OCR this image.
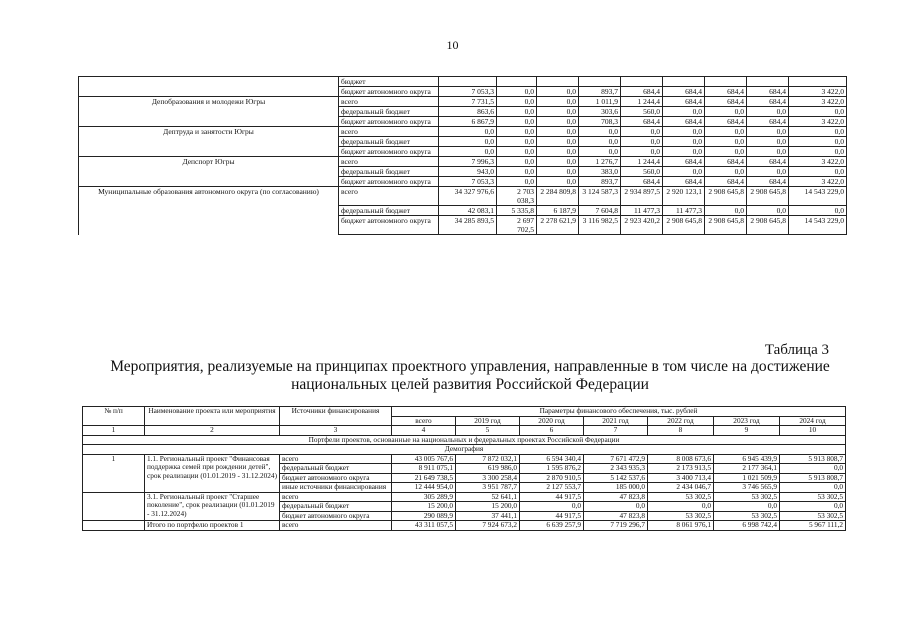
10
	бюджет									
	бюджет автономного округа	7 053,3	0,0	0,0	893,7	684,4	684,4	684,4	684,4	3 422,0
Депобразования и молодежи Югры	всего	7 731,5	0,0	0,0	1 011,9	1 244,4	684,4	684,4	684,4	3 422,0
	федеральный бюджет	863,6	0,0	0,0	303,6	560,0	0,0	0,0	0,0	0,0
	бюджет автономного округа	6 867,9	0,0	0,0	708,3	684,4	684,4	684,4	684,4	3 422,0
Дептруда и занятости Югры	всего	0,0	0,0	0,0	0,0	0,0	0,0	0,0	0,0	0,0
	федеральный бюджет	0,0	0,0	0,0	0,0	0,0	0,0	0,0	0,0	0,0
	бюджет автономного округа	0,0	0,0	0,0	0,0	0,0	0,0	0,0	0,0	0,0
Депспорт Югры	всего	7 996,3	0,0	0,0	1 276,7	1 244,4	684,4	684,4	684,4	3 422,0
	федеральный бюджет	943,0	0,0	0,0	383,0	560,0	0,0	0,0	0,0	0,0
	бюджет автономного округа	7 053,3	0,0	0,0	893,7	684,4	684,4	684,4	684,4	3 422,0
Муниципальные образования автономного округа (по согласованию)	всего	34 327 976,6	2 703 038,3	2 284 809,8	3 124 587,3	2 934 897,5	2 920 123,1	2 908 645,8	2 908 645,8	14 543 229,0
	федеральный бюджет	42 083,1	5 335,8	6 187,9	7 604,8	11 477,3	11 477,3	0,0	0,0	0,0
	бюджет автономного округа	34 285 893,5	2 697 702,5	2 278 621,9	3 116 982,5	2 923 420,2	2 908 645,8	2 908 645,8	2 908 645,8	14 543 229,0
Таблица 3
Мероприятия, реализуемые на принципах проектного управления, направленные в том числе на достижение национальных целей развития Российской Федерации
№ п/п	Наименование проекта или мероприятия	Источники финансирования	Параметры финансового обеспечения, тыс. рублей						
			всего	2019 год	2020 год	2021 год	2022 год	2023 год	2024 год
1	2	3	4	5	6	7	8	9	10
Портфели проектов, основанные на национальных и федеральных проектах Российской Федерации									
Демография									
1	1.1. Региональный проект "Финансовая поддержка семей при рождении детей", срок реализации (01.01.2019 - 31.12.2024)	всего	43 005 767,6	7 872 032,1	6 594 340,4	7 671 472,9	8 008 673,6	6 945 439,9	5 913 808,7
		федеральный бюджет	8 911 075,1	619 986,0	1 595 876,2	2 343 935,3	2 173 913,5	2 177 364,1	0,0
		бюджет автономного округа	21 649 738,5	3 300 258,4	2 870 910,5	5 142 537,6	3 400 713,4	1 021 509,9	5 913 808,7
		иные источники финансирования	12 444 954,0	3 951 787,7	2 127 553,7	185 000,0	2 434 046,7	3 746 565,9	0,0
	3.1. Региональный проект "Старшее поколение", срок реализации (01.01.2019 - 31.12.2024)	всего	305 289,9	52 641,1	44 917,5	47 823,8	53 302,5	53 302,5	53 302,5
		федеральный бюджет	15 200,0	15 200,0	0,0	0,0	0,0	0,0	0,0
		бюджет автономного округа	290 089,9	37 441,1	44 917,5	47 823,8	53 302,5	53 302,5	53 302,5
	Итого по портфелю проектов 1	всего	43 311 057,5	7 924 673,2	6 639 257,9	7 719 296,7	8 061 976,1	6 998 742,4	5 967 111,2
